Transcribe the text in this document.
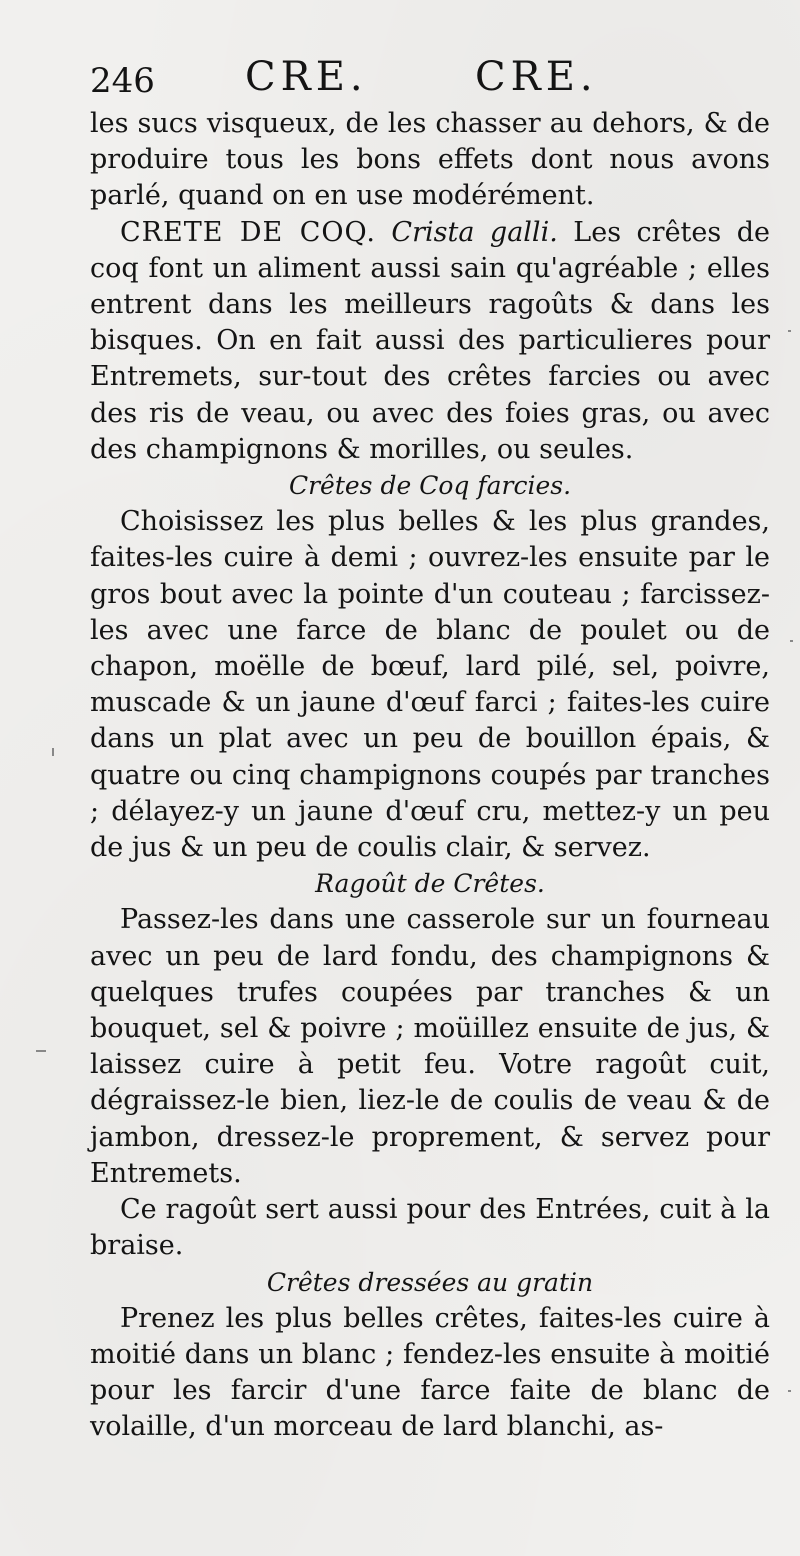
246 CRE.	CRE.

les sucs visqueux, de les chasser au dehors, & de produire tous les bons effets dont nous avons parlé, quand on en use modérément.

CRETE DE COQ. Crista galli. Les crêtes de coq font un aliment aussi sain qu'agréable ; elles entrent dans les meilleurs ragoûts & dans les bisques. On en fait aussi des particulieres pour Entremets, sur-tout des crêtes farcies ou avec des ris de veau, ou avec des foies gras, ou avec des champignons & morilles, ou seules.

Crêtes de Coq farcies.

Choisissez les plus belles & les plus grandes, faites-les cuire à demi ; ouvrez-les ensuite par le gros bout avec la pointe d'un couteau ; farcissez-les avec une farce de blanc de poulet ou de chapon, moëlle de bœuf, lard pilé, sel, poivre, muscade & un jaune d'œuf farci ; faites-les cuire dans un plat avec un peu de bouillon épais, & quatre ou cinq champignons coupés par tranches ; délayez-y un jaune d'œuf cru, mettez-y un peu de jus & un peu de coulis clair, & servez.

Ragoût de Crêtes.

Passez-les dans une casserole sur un fourneau avec un peu de lard fondu, des champignons & quelques trufes coupées par tranches & un bouquet, sel & poivre ; moüillez ensuite de jus, & laissez cuire à petit feu. Votre ragoût cuit, dégraissez-le bien, liez-le de coulis de veau & de jambon, dressez-le proprement, & servez pour Entremets.

Ce ragoût sert aussi pour des Entrées, cuit à la braise.

Crêtes dressées au gratin

Prenez les plus belles crêtes, faites-les cuire à moitié dans un blanc ; fendez-les ensuite à moitié pour les farcir d'une farce faite de blanc de volaille, d'un morceau de lard blanchi, as-
